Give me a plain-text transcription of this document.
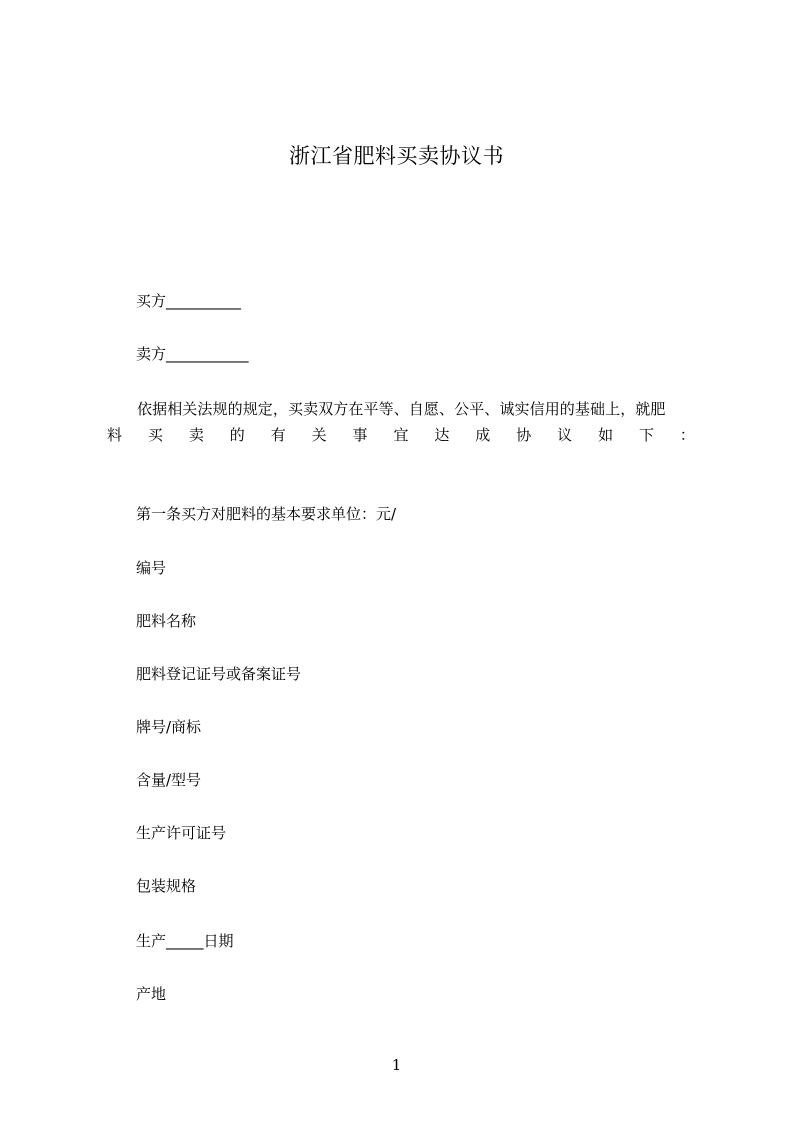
浙江省肥料买卖协议书
买方__________
卖方___________
依据相关法规的规定，买卖双方在平等、自愿、公平、诚实信用的基础上，就肥
料 买 卖 的 有 关 事 宜 达 成 协 议 如 下 ：
第一条买方对肥料的基本要求单位：元/
编号
肥料名称
肥料登记证号或备案证号
牌号/商标
含量/型号
生产许可证号
包装规格
生产_____日期
产地
1
